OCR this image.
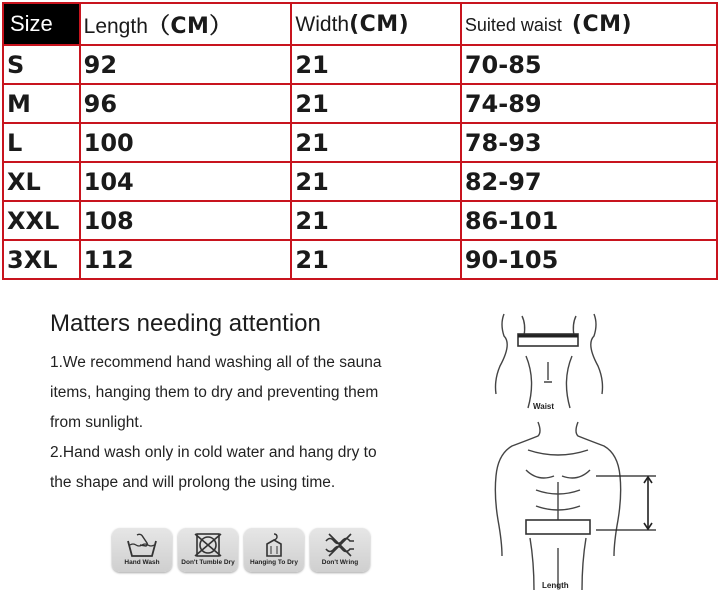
Size	Length（CM）	Width(CM)	Suited waist (CM)
S	92	21	70-85
M	96	21	74-89
L	100	21	78-93
XL	104	21	82-97
XXL	108	21	86-101
3XL	112	21	90-105
Matters needing attention

1.We recommend hand washing all of the sauna

items, hanging them to dry and preventing them

from sunlight.

2.Hand wash only in cold water and hang dry to

the shape and will prolong the using time.

Hand Wash	Don't Tumble Dry Hanging To Dry	Don't Wring
Waist
Length
